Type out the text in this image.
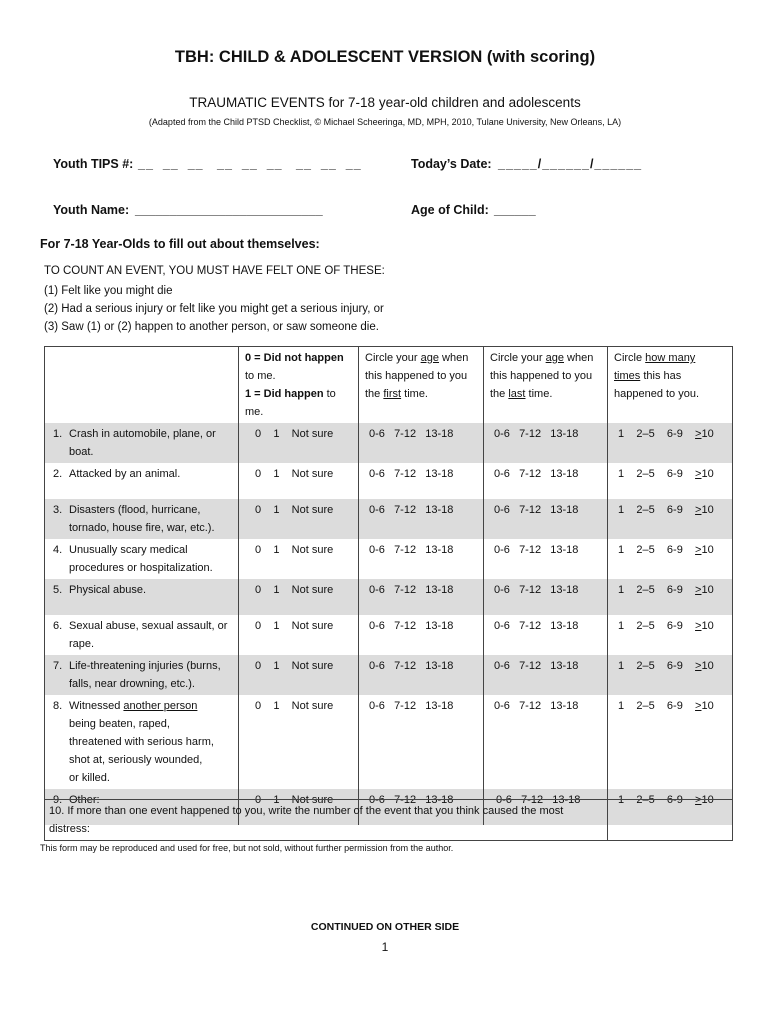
TBH: CHILD & ADOLESCENT VERSION (with scoring)
TRAUMATIC EVENTS for 7-18 year-old children and adolescents
(Adapted from the Child PTSD Checklist, © Michael Scheeringa, MD, MPH, 2010, Tulane University, New Orleans, LA)
Youth TIPS #: __  __  __   __  __  __   __  __  __	Today’s Date: _____/______/______
Youth Name: ___________________________	Age of Child: ______
For 7-18 Year-Olds to fill out about themselves:
TO COUNT AN EVENT, YOU MUST HAVE FELT ONE OF THESE:
(1) Felt like you might die
(2) Had a serious injury or felt like you might get a serious injury, or
(3) Saw (1) or (2) happen to another person, or saw someone die.
	0 = Did not happen
to me.
1 = Did happen to
me.	Circle your age when
this happened to you
the first time.	Circle your age when
this happened to you
the last time.	Circle how many
times this has
happened to you.
1. Crash in automobile, plane, or
boat.	0    1    Not sure	0-6   7-12   13-18	0-6   7-12   13-18	1    2–5    6-9    >10
2. Attacked by an animal.	0    1    Not sure	0-6   7-12   13-18	0-6   7-12   13-18	1    2–5    6-9    >10
3. Disasters (flood, hurricane,
tornado, house fire, war, etc.).	0    1    Not sure	0-6   7-12   13-18	0-6   7-12   13-18	1    2–5    6-9    >10
4. Unusually scary medical
procedures or hospitalization.	0    1    Not sure	0-6   7-12   13-18	0-6   7-12   13-18	1    2–5    6-9    >10
5. Physical abuse.	0    1    Not sure	0-6   7-12   13-18	0-6   7-12   13-18	1    2–5    6-9    >10
6. Sexual abuse, sexual assault, or
rape.	0    1    Not sure	0-6   7-12   13-18	0-6   7-12   13-18	1    2–5    6-9    >10
7. Life-threatening injuries (burns,
falls, near drowning, etc.).	0    1    Not sure	0-6   7-12   13-18	0-6   7-12   13-18	1    2–5    6-9    >10
8. Witnessed another person
being beaten, raped,
threatened with serious harm,
shot at, seriously wounded,
or killed.	0    1    Not sure	0-6   7-12   13-18	0-6   7-12   13-18	1    2–5    6-9    >10
9. Other:	0    1    Not sure	0-6   7-12   13-18	0-6   7-12   13-18	1    2–5    6-9    >10
10. If more than one event happened to you, write the number of the event that you think caused the most distress:	
This form may be reproduced and used for free, but not sold, without further permission from the author.
CONTINUED ON OTHER SIDE
1
